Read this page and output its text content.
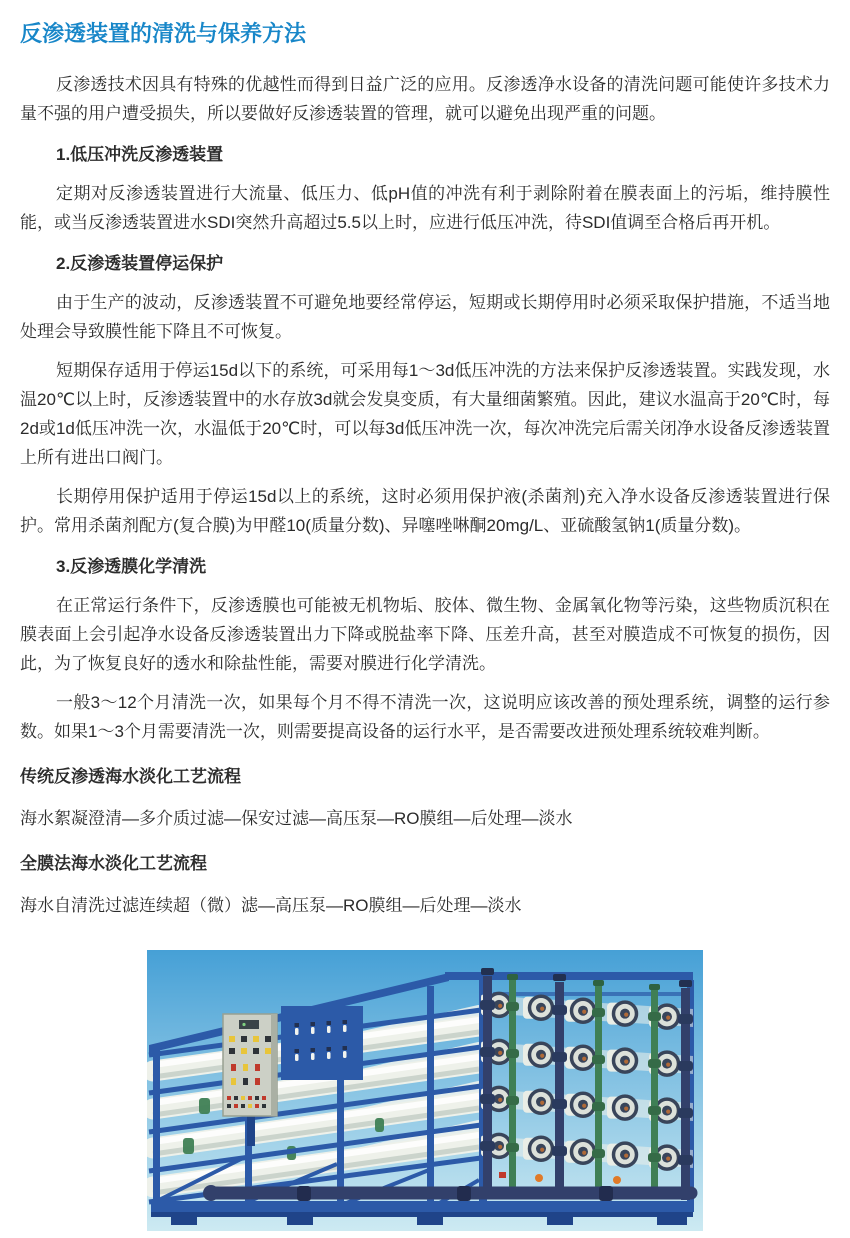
反渗透装置的清洗与保养方法

反渗透技术因具有特殊的优越性而得到日益广泛的应用。反渗透净水设备的清洗问题可能使许多技术力量不强的用户遭受损失，所以要做好反渗透装置的管理，就可以避免出现严重的问题。

1.低压冲洗反渗透装置

定期对反渗透装置进行大流量、低压力、低pH值的冲洗有利于剥除附着在膜表面上的污垢，维持膜性能，或当反渗透装置进水SDI突然升高超过5.5以上时，应进行低压冲洗，待SDI值调至合格后再开机。

2.反渗透装置停运保护

由于生产的波动，反渗透装置不可避免地要经常停运，短期或长期停用时必须采取保护措施，不适当地处理会导致膜性能下降且不可恢复。

短期保存适用于停运15d以下的系统，可采用每1～3d低压冲洗的方法来保护反渗透装置。实践发现，水温20℃以上时，反渗透装置中的水存放3d就会发臭变质，有大量细菌繁殖。因此，建议水温高于20℃时，每2d或1d低压冲洗一次，水温低于20℃时，可以每3d低压冲洗一次，每次冲洗完后需关闭净水设备反渗透装置上所有进出口阀门。

长期停用保护适用于停运15d以上的系统，这时必须用保护液(杀菌剂)充入净水设备反渗透装置进行保护。常用杀菌剂配方(复合膜)为甲醛10(质量分数)、异噻唑啉酮20mg/L、亚硫酸氢钠1(质量分数)。

3.反渗透膜化学清洗

在正常运行条件下，反渗透膜也可能被无机物垢、胶体、微生物、金属氧化物等污染，这些物质沉积在膜表面上会引起净水设备反渗透装置出力下降或脱盐率下降、压差升高，甚至对膜造成不可恢复的损伤，因此，为了恢复良好的透水和除盐性能，需要对膜进行化学清洗。

一般3～12个月清洗一次，如果每个月不得不清洗一次，这说明应该改善的预处理系统，调整的运行参数。如果1～3个月需要清洗一次，则需要提高设备的运行水平，是否需要改进预处理系统较难判断。

传统反渗透海水淡化工艺流程

海水絮凝澄清—多介质过滤—保安过滤—高压泵—RO膜组—后处理—淡水

全膜法海水淡化工艺流程

海水自清洗过滤连续超（微）滤—高压泵—RO膜组—后处理—淡水
